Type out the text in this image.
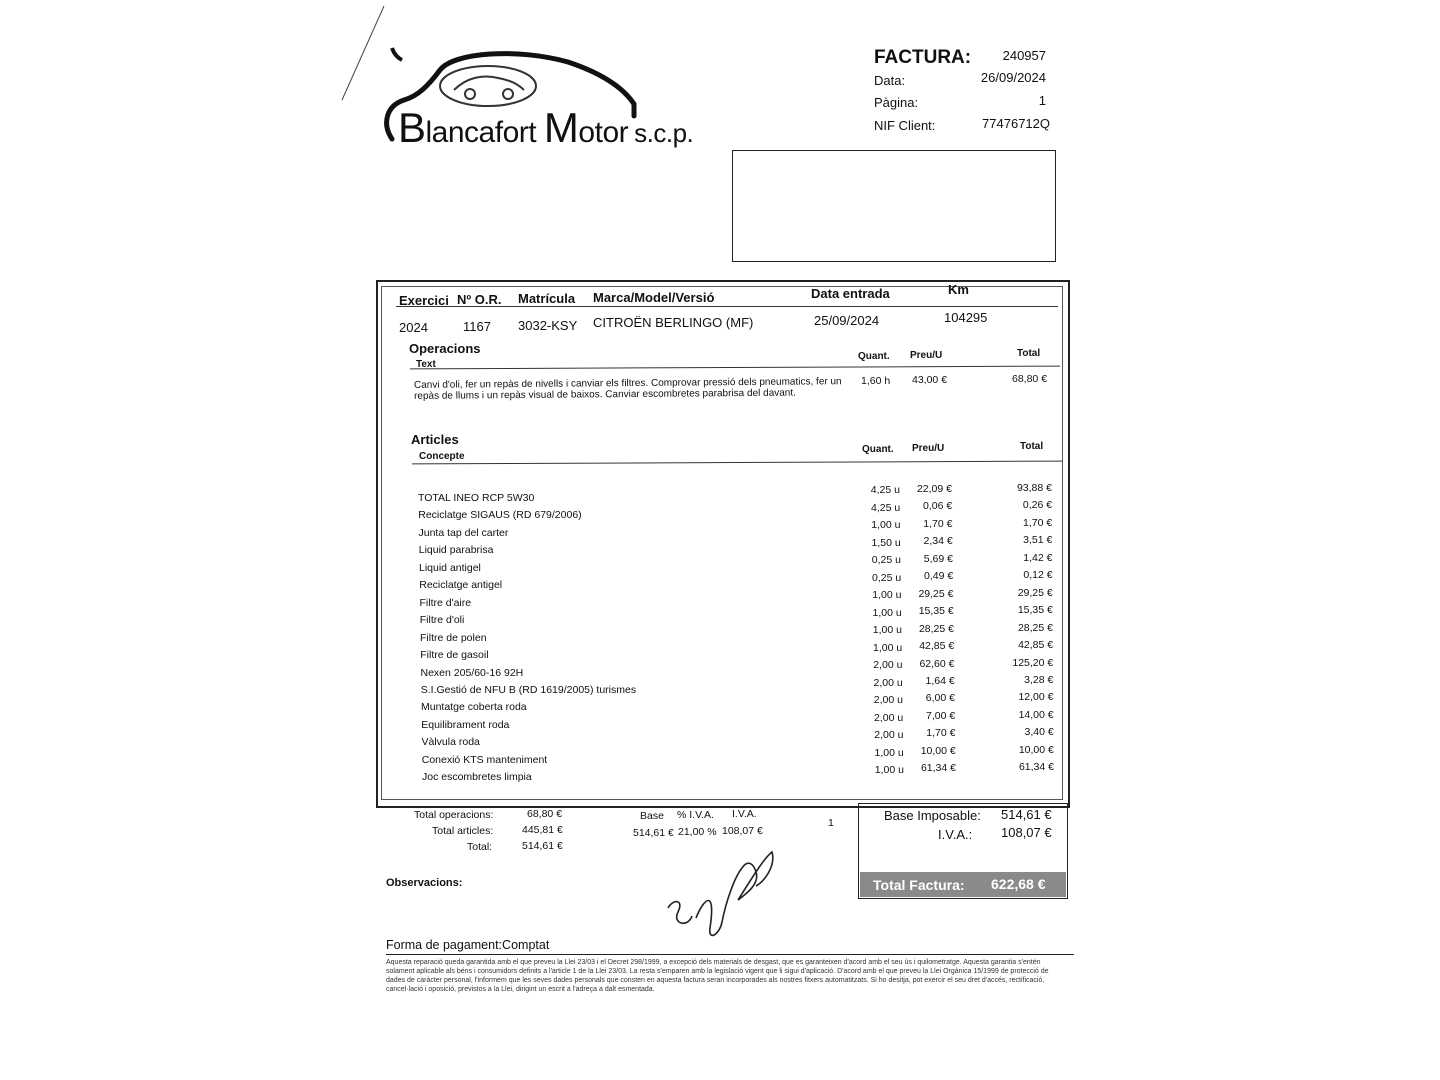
Blancafort Motor s.c.p.
FACTURA:	240957
Data:	26/09/2024
Pàgina:	1
NIF Client:	77476712Q
Exercici Nº O.R. Matrícula Marca/Model/Versió	Data entrada	Km
2024	1167 3032-KSY CITROËN BERLINGO (MF)	25/09/2024	104295
Operacions
Text
Quant. Preu/U	Total
Canvi d'oli, fer un repàs de nivells i canviar els filtres. Comprovar pressió dels pneumatics, fer un repàs de llums i un repàs visual de baixos. Canviar escombretes parabrisa del davant.
1,60 h 43,00 €	68,80 €
Articles
Concepte
Quant. Preu/U	Total
TOTAL INEO RCP 5W30
4,25 u	22,09 €	93,88 €
Reciclatge SIGAUS (RD 679/2006)
4,25 u	0,06 €	0,26 €
Junta tap del carter
1,00 u	1,70 €	1,70 €
Liquid parabrisa
1,50 u	2,34 €	3,51 €
Liquid antigel
0,25 u	5,69 €	1,42 €
Reciclatge antigel
0,25 u	0,49 €	0,12 €
Filtre d'aire
1,00 u	29,25 €	29,25 €
Filtre d'oli
1,00 u	15,35 €	15,35 €
Filtre de polen
1,00 u	28,25 €	28,25 €
Filtre de gasoil
1,00 u	42,85 €	42,85 €
Nexen 205/60-16 92H
2,00 u	62,60 €	125,20 €
S.I.Gestió de NFU B (RD 1619/2005) turismes
2,00 u	1,64 €	3,28 €
Muntatge coberta roda
2,00 u	6,00 €	12,00 €
Equilibrament roda
2,00 u	7,00 €	14,00 €
Vàlvula roda
2,00 u	1,70 €	3,40 €
Conexió KTS manteniment
1,00 u	10,00 €	10,00 €
Joc escombretes limpia
1,00 u	61,34 €	61,34 €
Total operacions:	68,80 €
Total articles:	445,81 €
Total:	514,61 €
Base % I.V.A. I.V.A.
514,61 € 21,00 % 108,07 €
1	Base Imposable: 514,61 €
I.V.A.: 108,07 €
Total Factura: 622,68 €
Observacions:
Forma de pagament:Comptat
Aquesta reparació queda garantida amb el que preveu la Llei 23/03 i el Decret 298/1999, a excepció dels materials de desgast, que es garanteixen d'acord amb el seu ús i quilometratge. Aquesta garantia s'entén solament aplicable als béns i consumidors definits a l'article 1 de la Llei 23/03. La resta s'emparen amb la legislació vigent que li sigui d'aplicació. D'acord amb el que preveu la Llei Orgànica 15/1999 de protecció de dades de caràcter personal, l'informem que les seves dades personals que consten en aquesta factura seran incorporades als nostres fitxers automatitzats. Si ho desitja, pot exercir el seu dret d'accés, rectificació, cancel·lació i oposició, previstos a la Llei, dirigint un escrit a l'adreça a dalt esmentada.
